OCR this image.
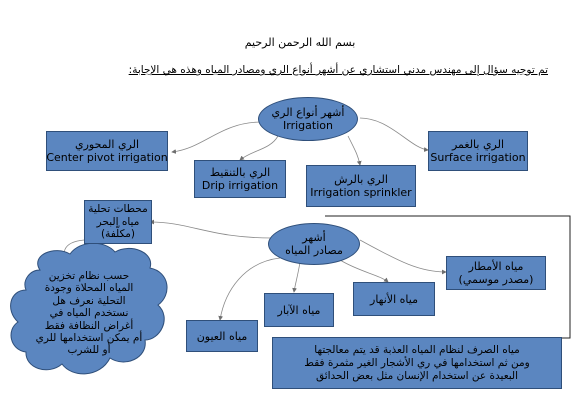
بسم الله الرحمن الرحيم
تم توجيه سؤال إلى مهندس مدني استشاري عن أشهر أنواع الري ومصادر المياه وهذه هي الإجابة:
أشهر أنواع الري
Irrigation
الري المحوري
Center pivot irrigation
الري بالتنقيط
Drip irrigation	الري بالرش
Irrigation sprinkler
الري بالغمر
Surface irrigation
أشهر
مصادر المياه
محطات تحلية
مياه البحر
(مكلّفة)
مياه الأمطار
(مصدر موسمي)
مياه الأنهار
مياه الآبار
مياه العيون
مياه الصرف لنظام المياه العذبة قد يتم معالجتها
ومن ثم استخدامها في ري الأشجار الغير مثمرة فقط
البعيدة عن استخدام الإنسان مثل بعض الحدائق
حسب نظام تخزين
المياه المحلاة وجودة
التحلية نعرف هل
نستخدم المياه في
أغراض النظافة فقط
أم يمكن استخدامها للري
أو للشرب
